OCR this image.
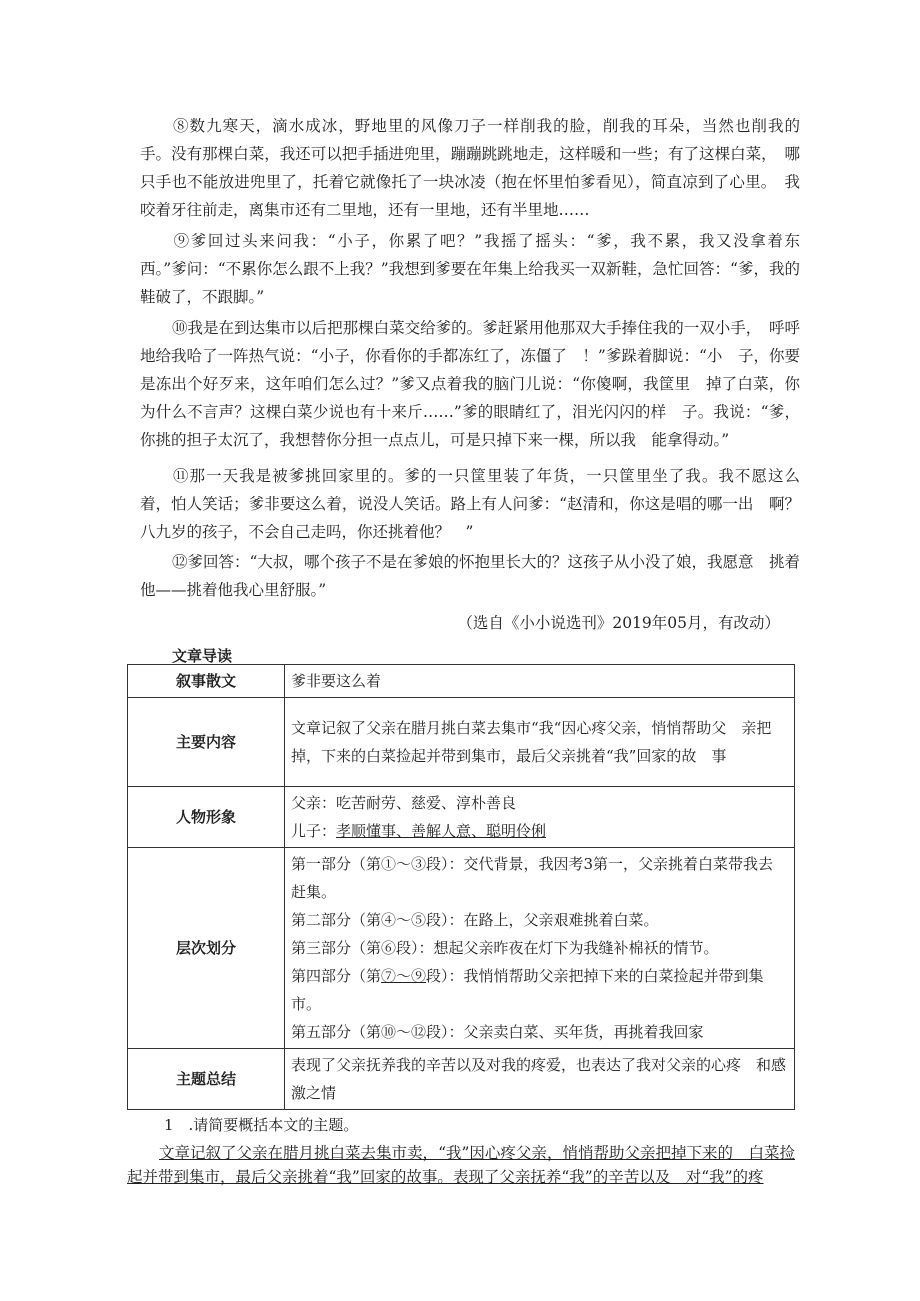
⑧数九寒天，滴水成冰，野地里的风像刀子一样削我的脸，削我的耳朵，当然也削我的　手。没有那棵白菜，我还可以把手插进兜里，蹦蹦跳跳地走，这样暖和一些；有了这棵白菜，　哪只手也不能放进兜里了，托着它就像托了一块冰凌（抱在怀里怕爹看见），简直凉到了心里。　我咬着牙往前走，离集市还有二里地，还有一里地，还有半里地……

⑨爹回过头来问我：“小子，你累了吧？”我摇了摇头：“爹，我不累，我又没拿着东　西。”爹问：“不累你怎么跟不上我？”我想到爹要在年集上给我买一双新鞋，急忙回答：“爹，我的鞋破了，不跟脚。”

⑩我是在到达集市以后把那棵白菜交给爹的。爹赶紧用他那双大手捧住我的一双小手，　呼呼地给我哈了一阵热气说：“小子，你看你的手都冻红了，冻僵了　！”爹跺着脚说：“小　子，你要是冻出个好歹来，这年咱们怎么过？”爹又点着我的脑门儿说：“你傻啊，我筐里　掉了白菜，你为什么不言声？这棵白菜少说也有十来斤……”爹的眼睛红了，泪光闪闪的样　子。我说：“爹，你挑的担子太沉了，我想替你分担一点点儿，可是只掉下来一棵，所以我　能拿得动。”

⑪那一天我是被爹挑回家里的。爹的一只筐里装了年货，一只筐里坐了我。我不愿这么　着，怕人笑话；爹非要这么着，说没人笑话。路上有人问爹：“赵清和，你这是唱的哪一出　啊？八九岁的孩子，不会自己走吗，你还挑着他？　”

⑫爹回答：“大叔，哪个孩子不是在爹娘的怀抱里长大的？这孩子从小没了娘，我愿意　挑着他——挑着他我心里舒服。”

（选自《小小说选刊》2019年05月，有改动）

文章导读

叙事散文	爹非要这么着
主要内容	文章记叙了父亲在腊月挑白菜去集市“我“因心疼父亲，悄悄帮助父　亲把掉，下来的白菜捡起并带到集市，最后父亲挑着“我”回家的故　事
人物形象	父亲：吃苦耐劳、慈爱、淳朴善良
儿子：孝顺懂事、善解人意、聪明伶俐

层次划分	第一部分（第①～③段）：交代背景，我因考3第一，父亲挑着白菜带我去赶集。
第二部分（第④～⑤段）：在路上，父亲艰难挑着白菜。
第三部分（第⑥段）：想起父亲昨夜在灯下为我缝补棉袄的情节。
第四部分（第⑦～⑨段）：我悄悄帮助父亲把掉下来的白菜捡起并带到集市。
第五部分（第⑩～⑫段）：父亲卖白菜、买年货，再挑着我回家

主题总结	表现了父亲抚养我的辛苦以及对我的疼爱，也表达了我对父亲的心疼　和感激之情

1　.请简要概括本文的主题。

文章记叙了父亲在腊月挑白菜去集市卖，“我”因心疼父亲，悄悄帮助父亲把掉下来的　白菜捡起并带到集市，最后父亲挑着“我”回家的故事。表现了父亲抚养“我”的辛苦以及　对“我”的疼
